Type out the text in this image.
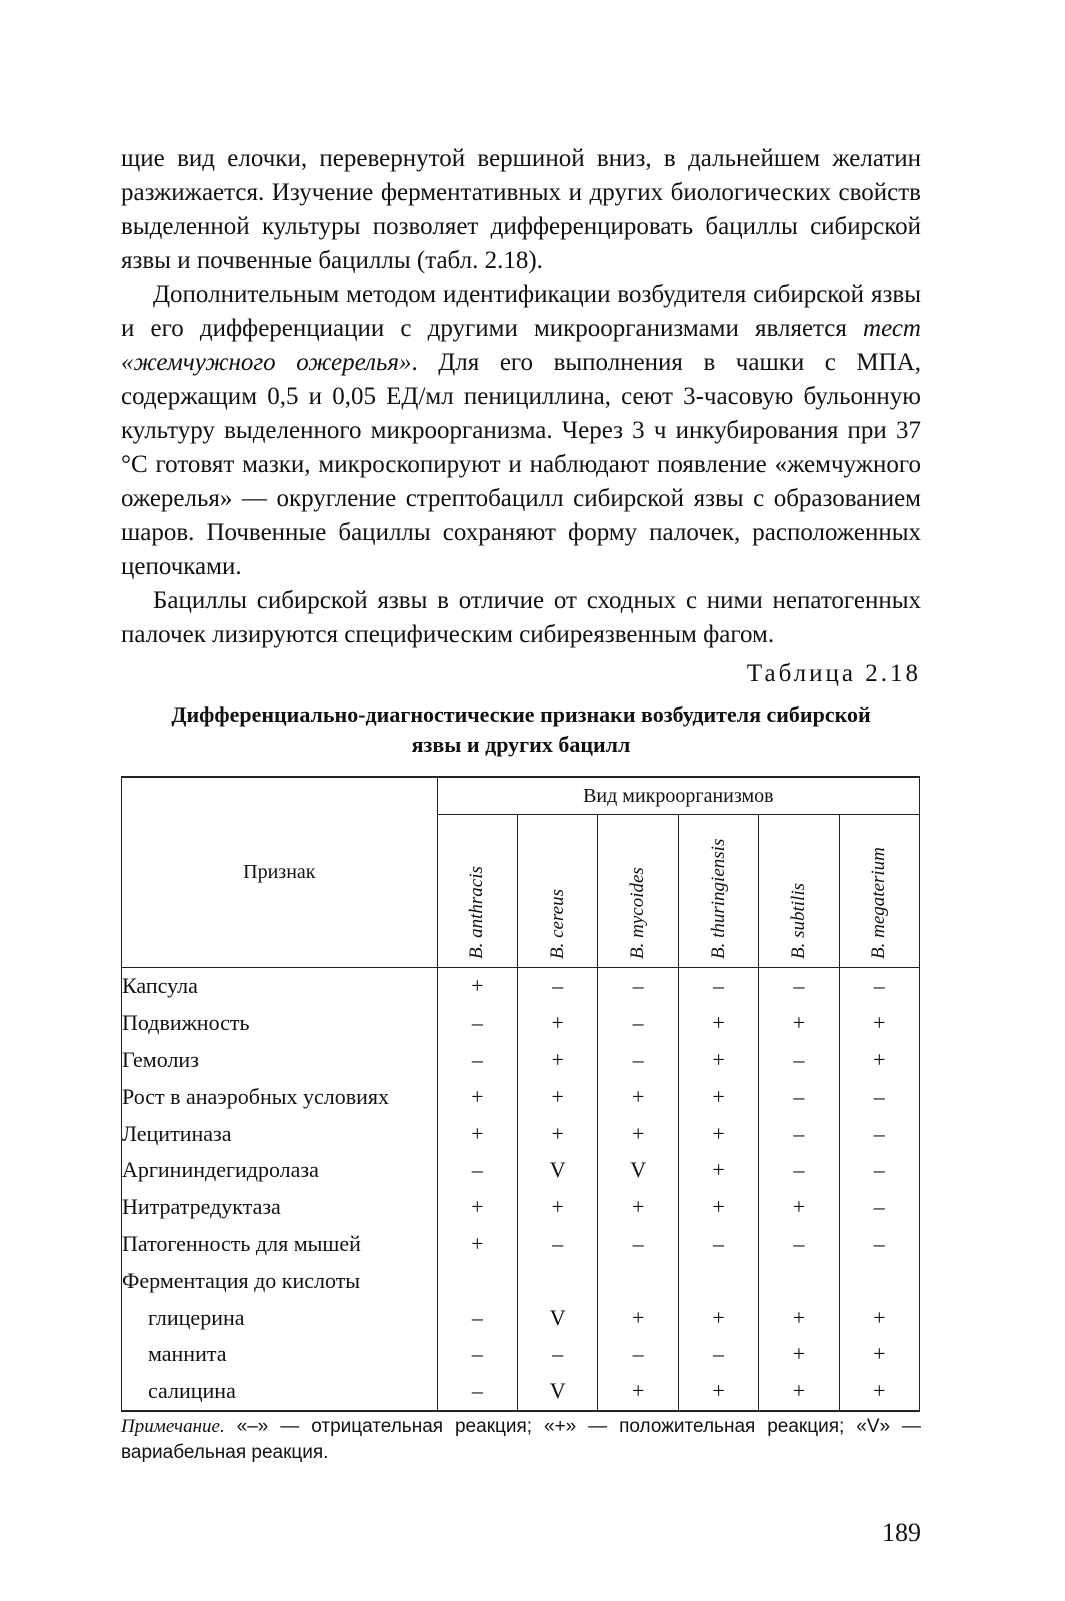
щие вид елочки, перевернутой вершиной вниз, в дальнейшем желатин разжижается. Изучение ферментативных и других биологических свойств выделенной культуры позволяет дифференцировать бациллы сибирской язвы и почвенные бациллы (табл. 2.18).

Дополнительным методом идентификации возбудителя сибирской язвы и его дифференциации с другими микроорганизмами является тест «жемчужного ожерелья». Для его выполнения в чашки с МПА, содержащим 0,5 и 0,05 ЕД/мл пенициллина, сеют 3-часовую бульонную культуру выделенного микроорганизма. Через 3 ч инкубирования при 37 °С готовят мазки, микроскопируют и наблюдают появление «жемчужного ожерелья» — округление стрептобацилл сибирской язвы с образованием шаров. Почвенные бациллы сохраняют форму палочек, расположенных цепочками.

Бациллы сибирской язвы в отличие от сходных с ними непатогенных палочек лизируются специфическим сибиреязвенным фагом.

Таблица 2.18
Дифференциально-диагностические признаки возбудителя сибирской
язвы и других бацилл
Признак	Вид микроорганизмов					

	B. anthracis	B. cereus	B. mycoides	B. thuringiensis	B. subtilis	B. megaterium

Капсула	+	–	–	–	–	–
Подвижность	–	+	–	+	+	+
Гемолиз	–	+	–	+	–	+
Рост в анаэробных условиях	+	+	+	+	–	–
Лецитиназа	+	+	+	+	–	–
Аргининдегидролаза	–	V	V	+	–	–
Нитратредуктаза	+	+	+	+	+	–
Патогенность для мышей	+	–	–	–	–	–
Ферментация до кислоты						
глицерина	–	V	+	+	+	+
маннита	–	–	–	–	+	+
салицина	–	V	+	+	+	+
Примечание. «–» — отрицательная реакция; «+» — положительная реакция; «V» — вариабельная реакция.
189
